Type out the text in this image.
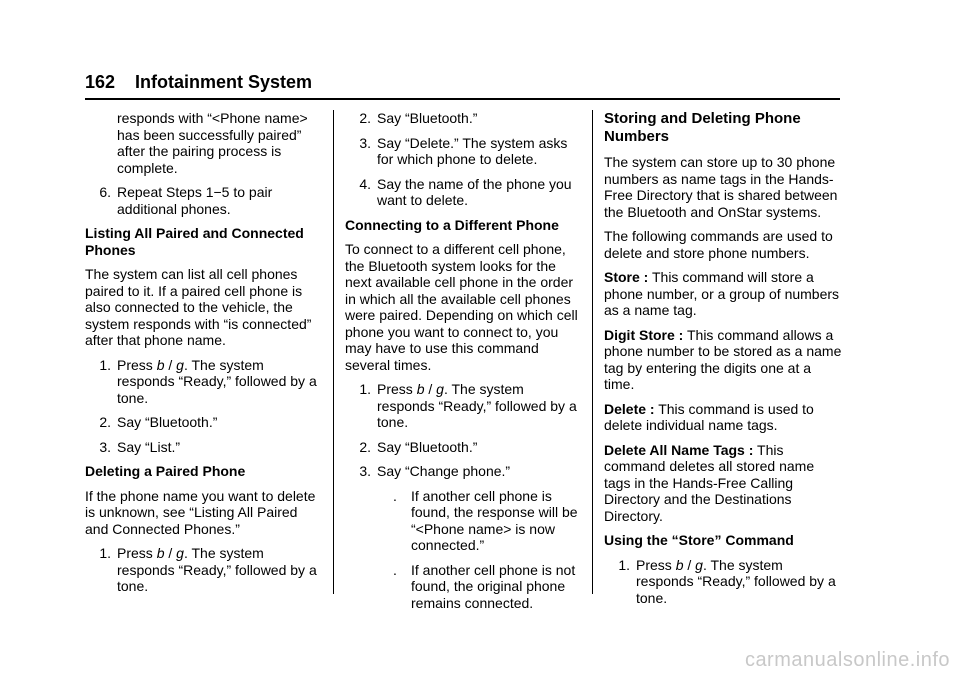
162 Infotainment System

responds with “<Phone name> has been successfully paired” after the pairing process is complete.

6. Repeat Steps 1−5 to pair additional phones.

Listing All Paired and Connected Phones

The system can list all cell phones paired to it. If a paired cell phone is also connected to the vehicle, the system responds with “is connected” after that phone name.

1. Press b / g. The system responds “Ready,” followed by a tone.
2. Say “Bluetooth.”
3. Say “List.”

Deleting a Paired Phone

If the phone name you want to delete is unknown, see “Listing All Paired and Connected Phones.”

1. Press b / g. The system responds “Ready,” followed by a tone.
2. Say “Bluetooth.”
3. Say “Delete.” The system asks for which phone to delete.
4. Say the name of the phone you want to delete.

Connecting to a Different Phone

To connect to a different cell phone, the Bluetooth system looks for the next available cell phone in the order in which all the available cell phones were paired. Depending on which cell phone you want to connect to, you may have to use this command several times.

1. Press b / g. The system responds “Ready,” followed by a tone.
2. Say “Bluetooth.”
3. Say “Change phone.”
.	If another cell phone is found, the response will be “<Phone name> is now connected.”
.	If another cell phone is not found, the original phone remains connected.

Storing and Deleting Phone Numbers

The system can store up to 30 phone numbers as name tags in the Hands-Free Directory that is shared between the Bluetooth and OnStar systems.

The following commands are used to delete and store phone numbers.

Store : This command will store a phone number, or a group of numbers as a name tag.

Digit Store : This command allows a phone number to be stored as a name tag by entering the digits one at a time.

Delete : This command is used to delete individual name tags.

Delete All Name Tags : This command deletes all stored name tags in the Hands-Free Calling Directory and the Destinations Directory.

Using the “Store” Command

1. Press b / g. The system responds “Ready,” followed by a tone.
carmanualsonline.info
